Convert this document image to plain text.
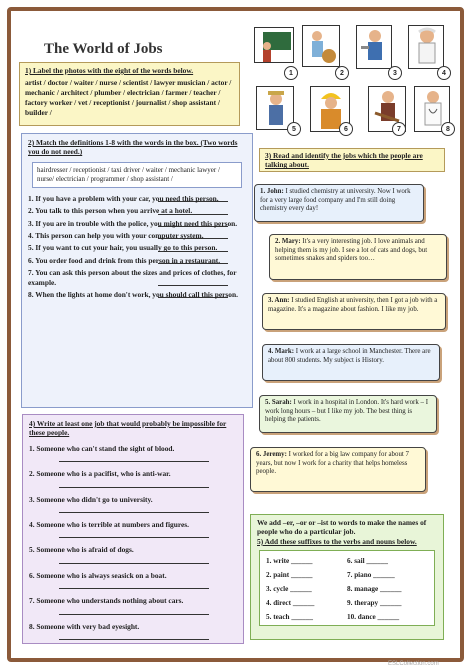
The World of Jobs
1	2	3	4
5	6	7	8
1) Label the photos with the eight of the words below.
artist / doctor / waiter / nurse / scientist / lawyer musician / actor / mechanic / architect / plumber / electrician / farmer / teacher / factory worker / vet / receptionist / journalist / shop assistant / builder /
2) Match the definitions 1-8 with the words in the box. (Two words you do not need.)
hairdresser / receptionist / taxi driver / waiter / mechanic lawyer / nurse/ electrician / programmer / shop assistant /
1. If you have a problem with your car, you need this person.
2. You talk to this person when you arrive at a hotel.
3. If you are in trouble with the police, you might need this person.
4. This person can help you with your computer system.
5. If you want to cut your hair, you usually go to this person.
6. You order food and drink from this person in a restaurant.
7. You can ask this person about the sizes and prices of clothes, for example.
8. When the lights at home don't work, you should call this person.
3) Read and identify the jobs which the people are talking about.
1. John: I studied chemistry at university. Now I work for a very large food company and I'm still doing chemistry every day!
2. Mary: It's a very interesting job. I love animals and helping them is my job. I see a lot of cats and dogs, but sometimes snakes and spiders too…
3. Ann: I studied English at university, then I got a job with a magazine. It's a magazine about fashion. I like my job.
4. Mark: I work at a large school in Manchester. There are about 800 students. My subject is History.
5. Sarah: I work in a hospital in London. It's hard work – I work long hours – but I like my job. The best thing is helping the patients.
6. Jeremy: I worked for a big law company for about 7 years, but now I work for a charity that helps homeless people.
4) Write at least one job that would probably be impossible for these people.
1. Someone who can't stand the sight of blood.
2. Someone who is a pacifist, who is anti-war.
3. Someone who didn't go to university.
4. Someone who is terrible at numbers and figures.
5. Someone who is afraid of dogs.
6. Someone who is always seasick on a boat.
7. Someone who understands nothing about cars.
8. Someone with very bad eyesight.
We add –er, –or or –ist to words to make the names of people who do a particular job.
5) Add these suffixes to the verbs and nouns below.
1. write ______
2. paint ______
3. cycle ______
4. direct ______
5. teach ______
6. sail ______
7. piano ______
8. manage ______
9. therapy ______
10. dance ______
ESLCollection.com
